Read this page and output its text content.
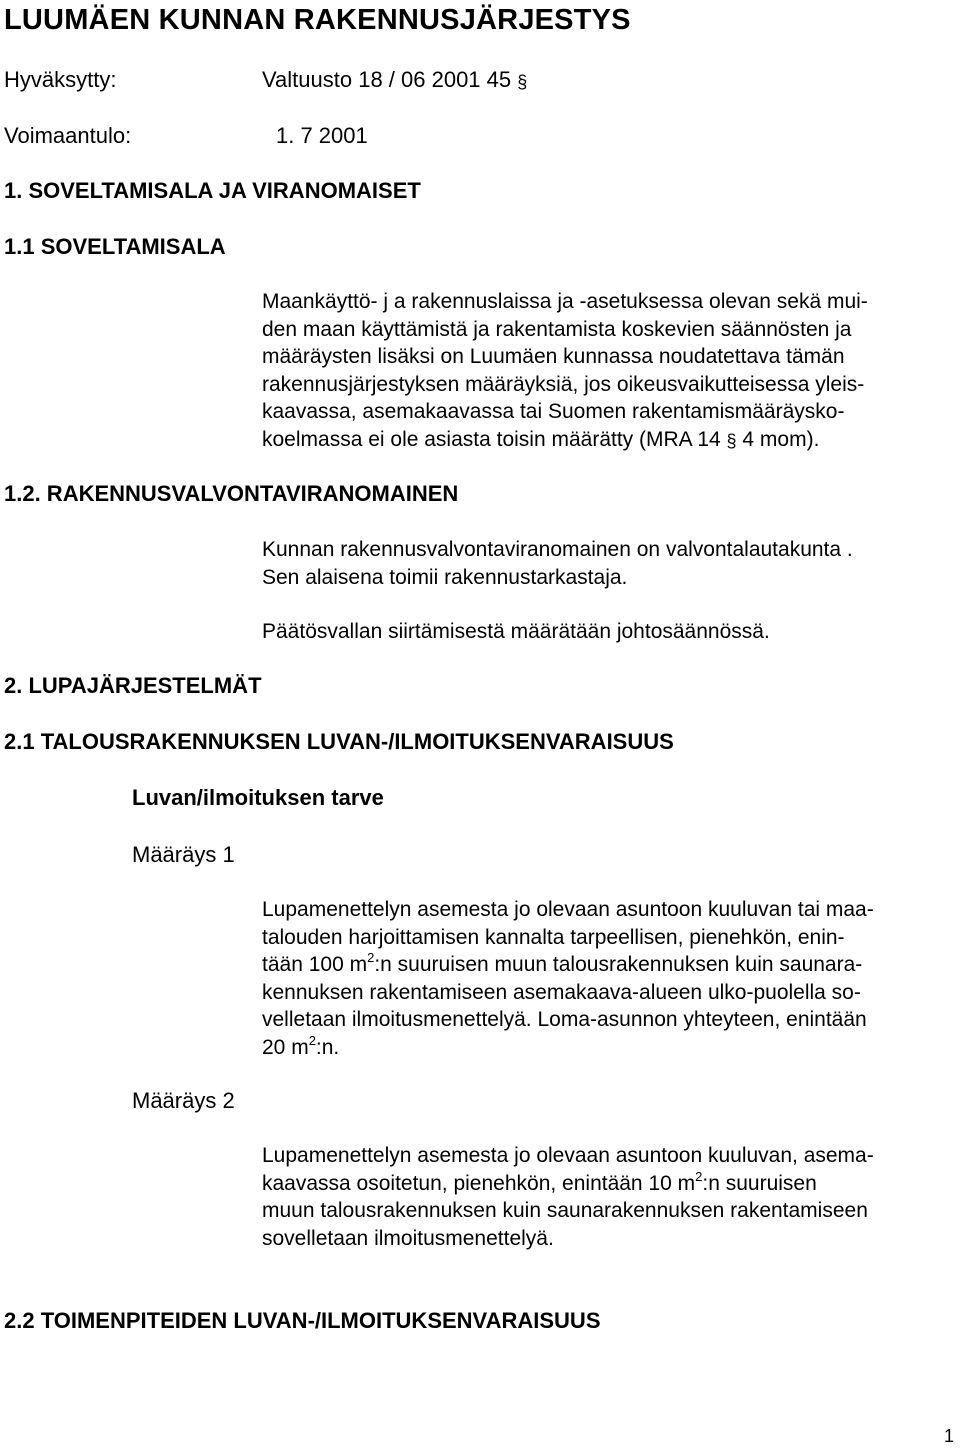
LUUMÄEN KUNNAN RAKENNUSJÄRJESTYS
Hyväksytty:	Valtuusto 18 / 06 2001 45 §
Voimaantulo:	1. 7 2001
1. SOVELTAMISALA JA VIRANOMAISET
1.1 SOVELTAMISALA
Maankäyttö- j a rakennuslaissa ja -asetuksessa olevan sekä mui-
den maan käyttämistä ja rakentamista koskevien säännösten ja
määräysten lisäksi on Luumäen kunnassa noudatettava tämän
rakennusjärjestyksen määräyksiä, jos oikeusvaikutteisessa yleis-
kaavassa, asemakaavassa tai Suomen rakentamismääräysko-
koelmassa ei ole asiasta toisin määrätty (MRA 14 § 4 mom).
1.2. RAKENNUSVALVONTAVIRANOMAINEN
Kunnan rakennusvalvontaviranomainen on valvontalautakunta .
Sen alaisena toimii rakennustarkastaja.
Päätösvallan siirtämisestä määrätään johtosäännössä.
2. LUPAJÄRJESTELMÄT
2.1 TALOUSRAKENNUKSEN LUVAN-/ILMOITUKSENVARAISUUS
Luvan/ilmoituksen tarve
Määräys 1
Lupamenettelyn asemesta jo olevaan asuntoon kuuluvan tai maa-
talouden harjoittamisen kannalta tarpeellisen, pienehkön, enin-
tään 100 $m^2:n$ suuruisen muun talousrakennuksen kuin saunara-
kennuksen rakentamiseen asemakaava-alueen ulko-puolella so-
velletaan ilmoitusmenettelyä. Loma-asunnon yhteyteen, enintään
20 $m^2:n$.
Määräys 2
Lupamenettelyn asemesta jo olevaan asuntoon kuuluvan, asema-
kaavassa osoitetun, pienehkön, enintään 10 $m^2:n$ suuruisen
muun talousrakennuksen kuin saunarakennuksen rakentamiseen
sovelletaan ilmoitusmenettelyä.
2.2 TOIMENPITEIDEN LUVAN-/ILMOITUKSENVARAISUUS
1
